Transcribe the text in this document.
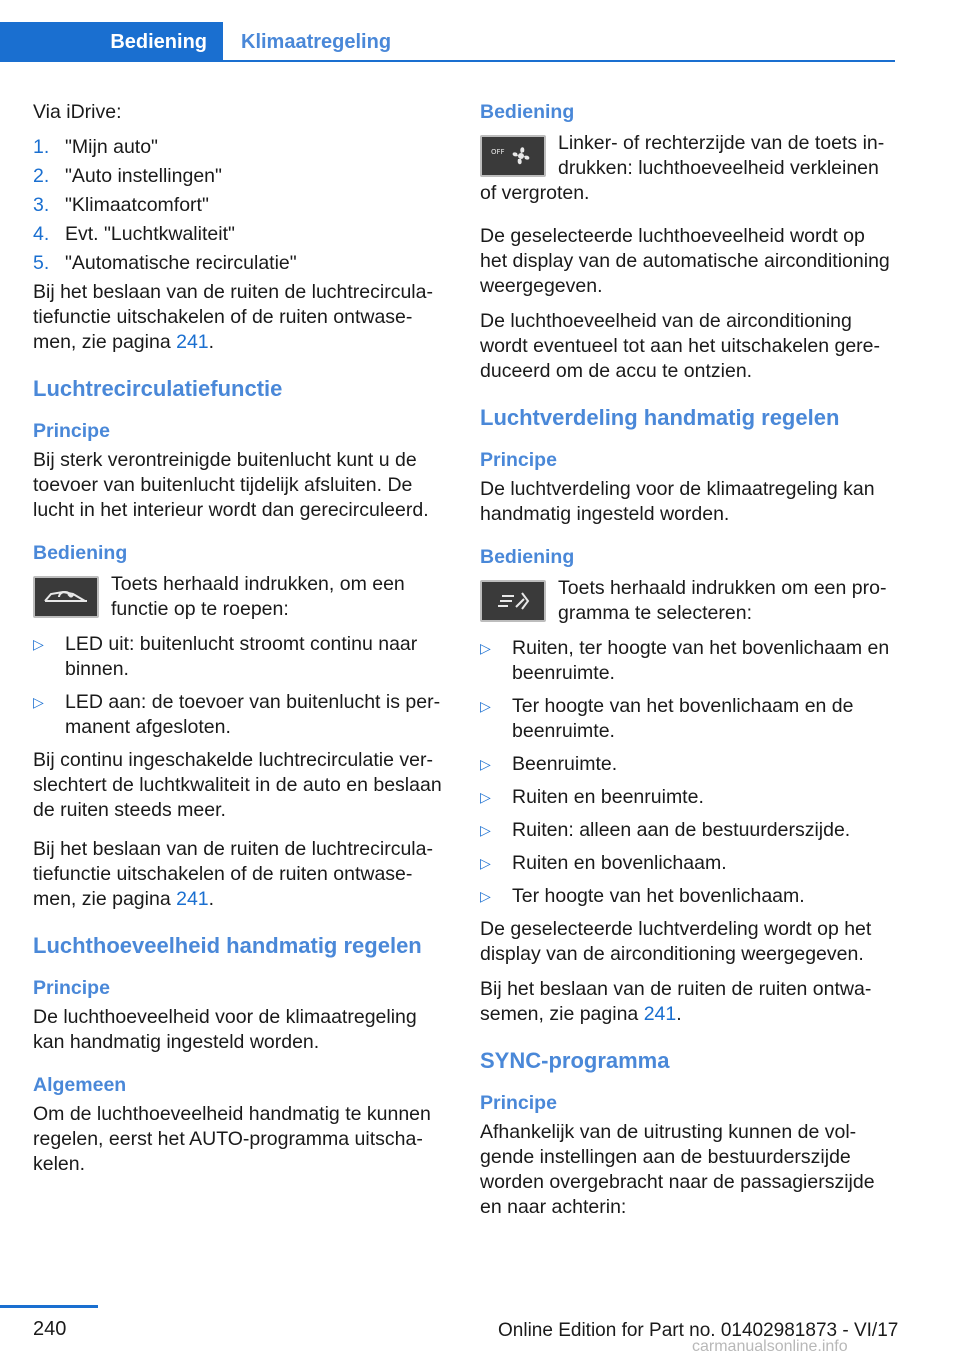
Bediening	Klimaatregeling

Via iDrive:

1. "Mijn auto"
2. "Auto instellingen"
3. "Klimaatcomfort"
4. Evt. "Luchtkwaliteit"
5. "Automatische recirculatie"

Bij het beslaan van de ruiten de luchtrecirculatiefunctie uitschakelen of de ruiten ontwasemen, zie pagina 241.

Luchtrecirculatiefunctie
Principe

Bij sterk verontreinigde buitenlucht kunt u de toevoer van buitenlucht tijdelijk afsluiten. De lucht in het interieur wordt dan gerecirculeerd.

Bediening
Toets herhaald indrukken, om een functie op te roepen:
▷	LED uit: buitenlucht stroomt continu naar binnen.
▷	LED aan: de toevoer van buitenlucht is permanent afgesloten.

Bij continu ingeschakelde luchtrecirculatie verslechtert de luchtkwaliteit in de auto en beslaan de ruiten steeds meer.

Bij het beslaan van de ruiten de luchtrecirculatiefunctie uitschakelen of de ruiten ontwasemen, zie pagina 241.

Luchthoeveelheid handmatig regelen
Principe

De luchthoeveelheid voor de klimaatregeling kan handmatig ingesteld worden.

Algemeen

Om de luchthoeveelheid handmatig te kunnen regelen, eerst het AUTO-programma uitschakelen.

Bediening
OFF	Linker- of rechterzijde van de toets indrukken: luchthoeveelheid verkleinen

of vergroten.

De geselecteerde luchthoeveelheid wordt op het display van de automatische airconditioning weergegeven.

De luchthoeveelheid van de airconditioning wordt eventueel tot aan het uitschakelen gereduceerd om de accu te ontzien.

Luchtverdeling handmatig regelen
Principe

De luchtverdeling voor de klimaatregeling kan handmatig ingesteld worden.

Bediening
Toets herhaald indrukken om een programma te selecteren:
▷	Ruiten, ter hoogte van het bovenlichaam en beenruimte.
▷	Ter hoogte van het bovenlichaam en de beenruimte.
▷	Beenruimte.
▷	Ruiten en beenruimte.
▷	Ruiten: alleen aan de bestuurderszijde.
▷	Ruiten en bovenlichaam.
▷	Ter hoogte van het bovenlichaam.

De geselecteerde luchtverdeling wordt op het display van de airconditioning weergegeven.

Bij het beslaan van de ruiten de ruiten ontwasemen, zie pagina 241.

SYNC-programma
Principe

Afhankelijk van de uitrusting kunnen de volgende instellingen aan de bestuurderszijde worden overgebracht naar de passagierszijde en naar achterin:

240	Online Edition for Part no. 01402981873 - VI/17
carmanualsonline.info
